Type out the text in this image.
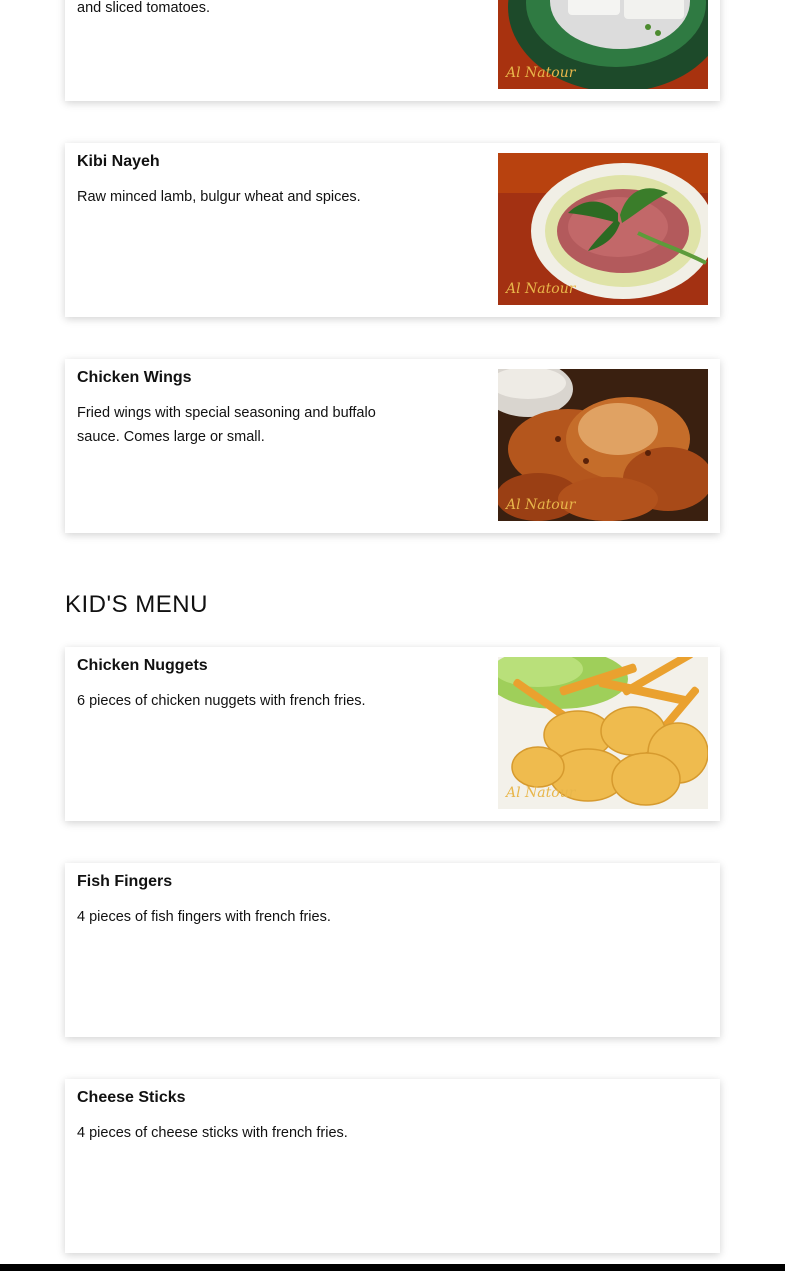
and sliced tomatoes.

Al Natour
Kibi Nayeh

Raw minced lamb, bulgur wheat and spices.

Al Natour
Chicken Wings

Fried wings with special seasoning and buffalo sauce. Comes large or small.

Al Natour
KID'S MENU
Chicken Nuggets

6 pieces of chicken nuggets with french fries.

Al Natour
Fish Fingers

4 pieces of fish fingers with french fries.

Cheese Sticks

4 pieces of cheese sticks with french fries.
